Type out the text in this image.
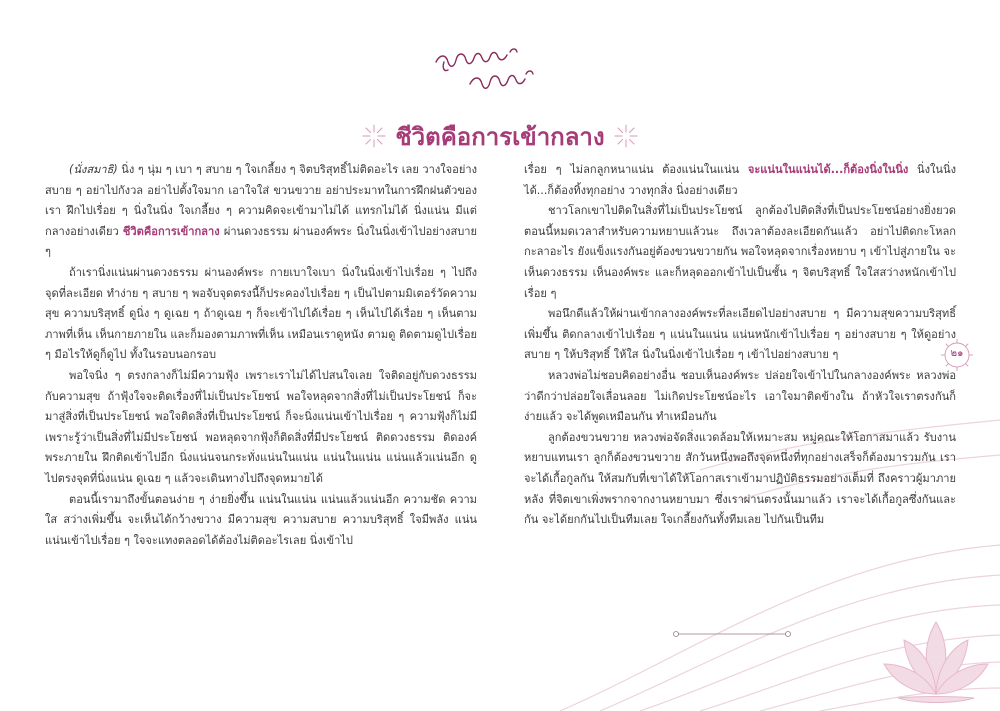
ชีวิตคือการเข้ากลาง

(นั่งสมาธิ) นิ่ง ๆ นุ่ม ๆ เบา ๆ สบาย ๆ ใจเกลี้ยง ๆ จิตบริสุทธิ์ไม่ติดอะไร เลย วางใจอย่างสบาย ๆ อย่าไปกังวล อย่าไปตั้งใจมาก เอาใจใส่ ขวนขวาย อย่าประมาทในการฝึกฝนตัวของเรา ฝึกไปเรื่อย ๆ นิ่งในนิ่ง ใจเกลี้ยง ๆ ความคิดจะเข้ามาไม่ได้ แทรกไม่ได้ นิ่งแน่น มีแต่กลางอย่างเดียว ชีวิตคือการเข้ากลาง ผ่านดวงธรรม ผ่านองค์พระ นิ่งในนิ่งเข้าไปอย่างสบาย ๆ

ถ้าเรานิ่งแน่นผ่านดวงธรรม ผ่านองค์พระ กายเบาใจเบา นิ่งในนิ่งเข้าไปเรื่อย ๆ ไปถึงจุดที่ละเอียด ทำง่าย ๆ สบาย ๆ พอจับจุดตรงนี้ก็ประคองไปเรื่อย ๆ เป็นไปตามมิเตอร์วัดความสุข ความบริสุทธิ์ ดูนิ่ง ๆ ดูเฉย ๆ ถ้าดูเฉย ๆ ก็จะเข้าไปได้เรื่อย ๆ เห็นไปได้เรื่อย ๆ เห็นตามภาพที่เห็น เห็นกายภายใน และก็มองตามภาพที่เห็น เหมือนเราดูหนัง ตามดู ติดตามดูไปเรื่อย ๆ มือไรให้ดูก็ดูไป ทั้งในรอบนอกรอบ

พอใจนิ่ง ๆ ตรงกลางก็ไม่มีความฟุ้ง เพราะเราไม่ได้ไปสนใจเลย ใจติดอยู่กับดวงธรรมกับความสุข ถ้าฟุ้งใจจะติดเรื่องที่ไม่เป็นประโยชน์ พอใจหลุดจากสิ่งที่ไม่เป็นประโยชน์ ก็จะมาสู่สิ่งที่เป็นประโยชน์ พอใจติดสิ่งที่เป็นประโยชน์ ก็จะนิ่งแน่นเข้าไปเรื่อย ๆ ความฟุ้งก็ไม่มี เพราะรู้ว่าเป็นสิ่งที่ไม่มีประโยชน์ พอหลุดจากฟุ้งก็ติดสิ่งที่มีประโยชน์ ติดดวงธรรม ติดองค์พระภายใน ฝึกติดเข้าไปอีก นิ่งแน่นจนกระทั่งแน่นในแน่น แน่นในแน่น แน่นแล้วแน่นอีก ดูไปตรงจุดที่นิ่งแน่น ดูเฉย ๆ แล้วจะเดินทางไปถึงจุดหมายได้

ตอนนี้เรามาถึงขั้นตอนง่าย ๆ ง่ายยิ่งขึ้น แน่นในแน่น แน่นแล้วแน่นอีก ความชัด ความใส สว่างเพิ่มขึ้น จะเห็นได้กว้างขวาง มีความสุข ความสบาย ความบริสุทธิ์ ใจมีพลัง แน่น แน่นเข้าไปเรื่อย ๆ ใจจะแทงตลอดได้ต้องไม่ติดอะไรเลย นิ่งเข้าไป

เรื่อย ๆ ไม่ลกลูกหนาแน่น ต้องแน่นในแน่น จะแน่นในแน่นได้...ก็ต้องนิ่งในนิ่ง นิ่งในนิ่งได้...ก็ต้องทิ้งทุกอย่าง วางทุกสิ่ง นิ่งอย่างเดียว

ชาวโลกเขาไปติดในสิ่งที่ไม่เป็นประโยชน์ ลูกต้องไปติดสิ่งที่เป็นประโยชน์อย่างยิ่งยวด ตอนนี้หมดเวลาสำหรับความหยาบแล้วนะ ถึงเวลาต้องละเอียดกันแล้ว อย่าไปติดกะโหลกกะลาอะไร ยังแข็งแรงกันอยู่ต้องขวนขวายกัน พอใจหลุดจากเรื่องหยาบ ๆ เข้าไปสู่ภายใน จะเห็นดวงธรรม เห็นองค์พระ และก็หลุดออกเข้าไปเป็นชั้น ๆ จิตบริสุทธิ์ ใจใสสว่างหนักเข้าไปเรื่อย ๆ

พอนึกดีแล้วให้ผ่านเข้ากลางองค์พระที่ละเอียดไปอย่างสบาย ๆ มีความสุขความบริสุทธิ์เพิ่มขึ้น ติดกลางเข้าไปเรื่อย ๆ แน่นในแน่น แน่นหนักเข้าไปเรื่อย ๆ อย่างสบาย ๆ ให้ดูอย่างสบาย ๆ ให้บริสุทธิ์ ให้ใส นิ่งในนิ่งเข้าไปเรื่อย ๆ เข้าไปอย่างสบาย ๆ

หลวงพ่อไม่ชอบคิดอย่างอื่น ชอบเห็นองค์พระ ปล่อยใจเข้าไปในกลางองค์พระ หลวงพ่อว่าดีกว่าปล่อยใจเลื่อนลอย ไม่เกิดประโยชน์อะไร เอาใจมาติดข้างใน ถ้าหัวใจเราตรงกันก็ง่ายแล้ว จะได้พูดเหมือนกัน ทำเหมือนกัน

ลูกต้องขวนขวาย หลวงพ่อจัดสิ่งแวดล้อมให้เหมาะสม หมู่คณะให้โอกาสมาแล้ว รับงานหยาบแทนเรา ลูกก็ต้องขวนขวาย สักวันหนึ่งพอถึงจุดหนึ่งที่ทุกอย่างเสร็จก็ต้องมารวมกัน เราจะได้เกื้อกูลกัน ให้สมกับที่เขาได้ให้โอกาสเราเข้ามาปฏิบัติธรรมอย่างเต็มที่ ถึงคราวผู้มาภายหลัง ที่จิตเขาเพิ่งพรากจากงานหยาบมา ซึ่งเราผ่านตรงนั้นมาแล้ว เราจะได้เกื้อกูลซึ่งกันและกัน จะได้ยกกันไปเป็นทีมเลย ใจเกลี้ยงกันทั้งทีมเลย ไปกันเป็นทีม

๒๑
